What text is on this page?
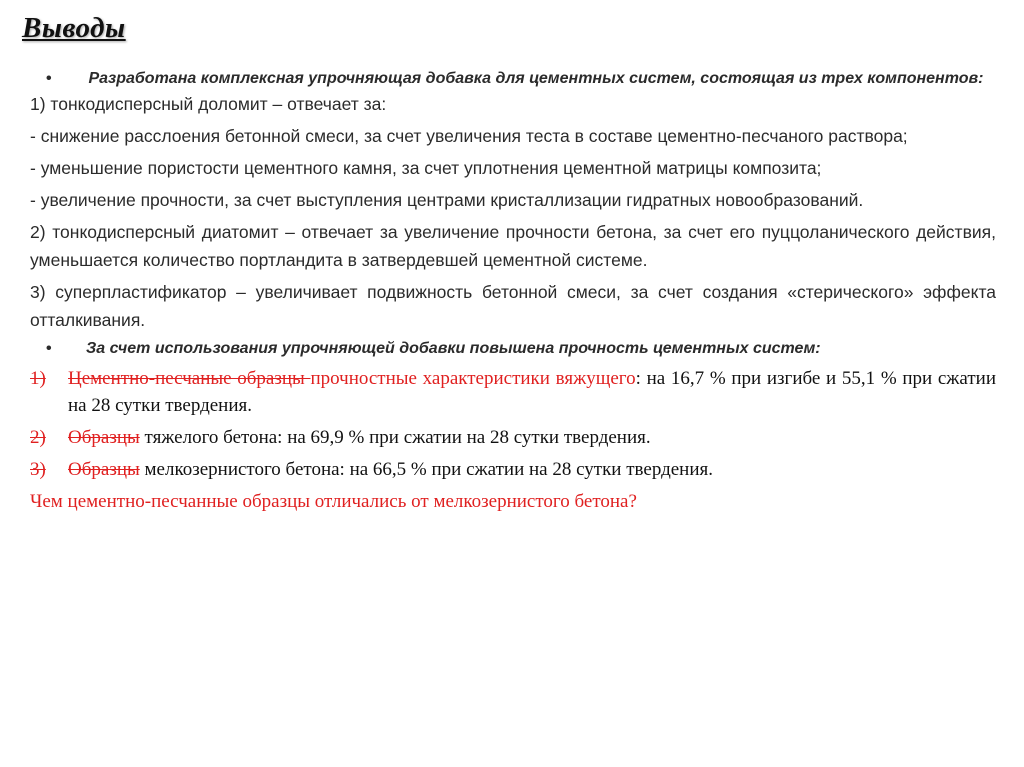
Выводы
•	Разработана комплексная упрочняющая добавка для цементных систем, состоящая из трех компонентов:
1) тонкодисперсный доломит – отвечает за:
- снижение расслоения бетонной смеси, за счет увеличения теста в составе цементно-песчаного раствора;
- уменьшение пористости цементного камня, за счет уплотнения цементной матрицы композита;
- увеличение прочности, за счет выступления центрами кристаллизации гидратных новообразований.
2) тонкодисперсный диатомит – отвечает за увеличение прочности бетона, за счет его пуццоланического действия, уменьшается количество портландита в затвердевшей цементной системе.
3) суперпластификатор – увеличивает подвижность бетонной смеси, за счет создания «стерического» эффекта отталкивания.
•	За счет использования упрочняющей добавки повышена прочность цементных систем:
1)	Цементно-песчаные образцы прочностные характеристики вяжущего: на 16,7 % при изгибе и 55,1 % при сжатии на 28 сутки твердения.
2)	Образцы тяжелого бетона: на 69,9 % при сжатии на 28 сутки твердения.
3)	Образцы мелкозернистого бетона: на 66,5 % при сжатии на 28 сутки твердения.
Чем цементно-песчанные образцы отличались от мелкозернистого бетона?
